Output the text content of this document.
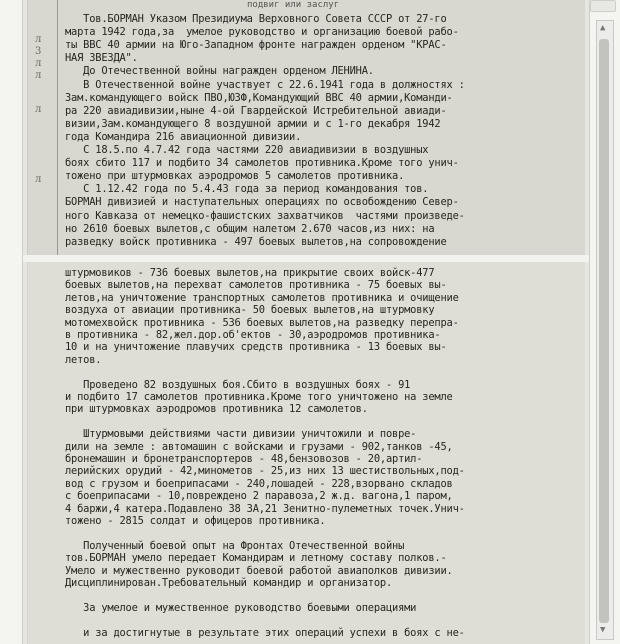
подвиг или заслуг
л
3
л
л
л
л
Тов.БОРМАН Указом Президиума Верховного Совета СССР от 27-го
марта 1942 года,за  умелое руководство и организацию боевой рабо-
ты ВВС 40 армии на Юго-Западном фронте награжден орденом "КРАС-
НАЯ ЗВЕЗДА".
До Отечественной войны награжден орденом ЛЕНИНА.
В Отечественной войне участвует с 22.6.1941 года в должностях :
Зам.командующего войск ПВО,ЮЗФ,Командующий ВВС 40 армии,Команди-
ра 220 авиадивизии,ныне 4-ой Гвардейской Истребительной авиади-
визии,Зам.командующего 8 воздушной армии и с 1-го декабря 1942
года Командира 216 авиационной дивизии.
С 18.5.по 4.7.42 года частями 220 авиадивизии в воздушных
боях сбито 117 и подбито 34 самолетов противника.Кроме того унич-
тожено при штурмовках аэродромов 5 самолетов противника.
С 1.12.42 года по 5.4.43 года за период командования тов.
БОРМАН дивизией и наступательных операциях по освобождению Север-
ного Кавказа от немецко-фашистских захватчиков  частями произведе-
но 2610 боевых вылетов,с общим налетом 2.670 часов,из них: на
разведку войск противника - 497 боевых вылетов,на сопровождение
штурмовиков - 736 боевых вылетов,на прикрытие своих войск-477
боевых вылетов,на перехват самолетов противника - 75 боевых вы-
летов,на уничтожение транспортных самолетов противника и очищение
воздуха от авиации противника- 50 боевых вылетов,на штурмовку
мотомехвойск противника - 536 боевых вылетов,на разведку перепра-
в противника - 82,жел.дор.об'ектов - 30,аэродромов противника-
10 и на уничтожение плавучих средств противника - 13 боевых вы-
летов.
Проведено 82 воздушных боя.Сбито в воздушных боях - 91
и подбито 17 самолетов противника.Кроме того уничтожено на земле
при штурмовках аэродромов противника 12 самолетов.
Штурмовыми действиями части дивизии уничтожили и повре-
дили на земле : автомашин с войсками и грузами - 902,танков -45,
бронемашин и бронетранспортеров - 48,бензовозов - 20,артил-
лерийских орудий - 42,минометов - 25,из них 13 шестиствольных,под-
вод с грузом и боеприпасами - 240,лошадей - 228,взорвано складов
с боеприпасами - 10,повреждено 2 паравоза,2 ж.д. вагона,1 паром,
4 баржи,4 катера.Подавлено 38 ЗА,21 Зенитно-пулеметных точек.Унич-
тожено - 2815 солдат и офицеров противника.
Полученный боевой опыт на Фронтах Отечественной войны
тов.БОРМАН умело передает Командирам и летному составу полков.-
Умело и мужественно руководит боевой работой авиаполков дивизии.
Дисциплинирован.Требовательный командир и организатор.
За умелое и мужественное руководство боевыми операциями
и за достигнутые в результате этих операций успехи в боях с не-
▲
▼
